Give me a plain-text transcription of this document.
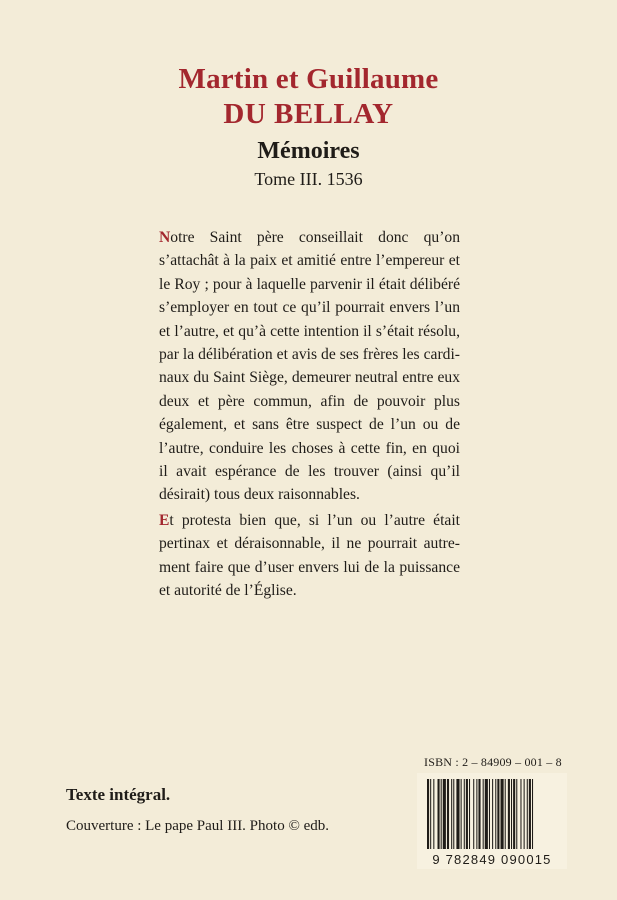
Martin et Guillaume
DU BELLAY
Mémoires
Tome III. 1536

Notre Saint père conseillait donc qu’on s’attachât à la paix et amitié entre l’empereur et le Roy ; pour à laquelle parvenir il était délibéré s’employer en tout ce qu’il pourrait envers l’un et l’autre, et qu’à cette intention il s’était résolu, par la délibération et avis de ses frères les cardinaux du Saint Siège, demeurer neutral entre eux deux et père commun, afin de pouvoir plus également, et sans être suspect de l’un ou de l’autre, conduire les choses à cette fin, en quoi il avait espérance de les trouver (ainsi qu’il désirait) tous deux raisonnables.

Et protesta bien que, si l’un ou l’autre était pertinax et déraisonnable, il ne pourrait autrement faire que d’user envers lui de la puissance et autorité de l’Église.

ISBN : 2 – 84909 – 001 – 8
9 782849 090015
Texte intégral.
Couverture : Le pape Paul III. Photo © edb.
